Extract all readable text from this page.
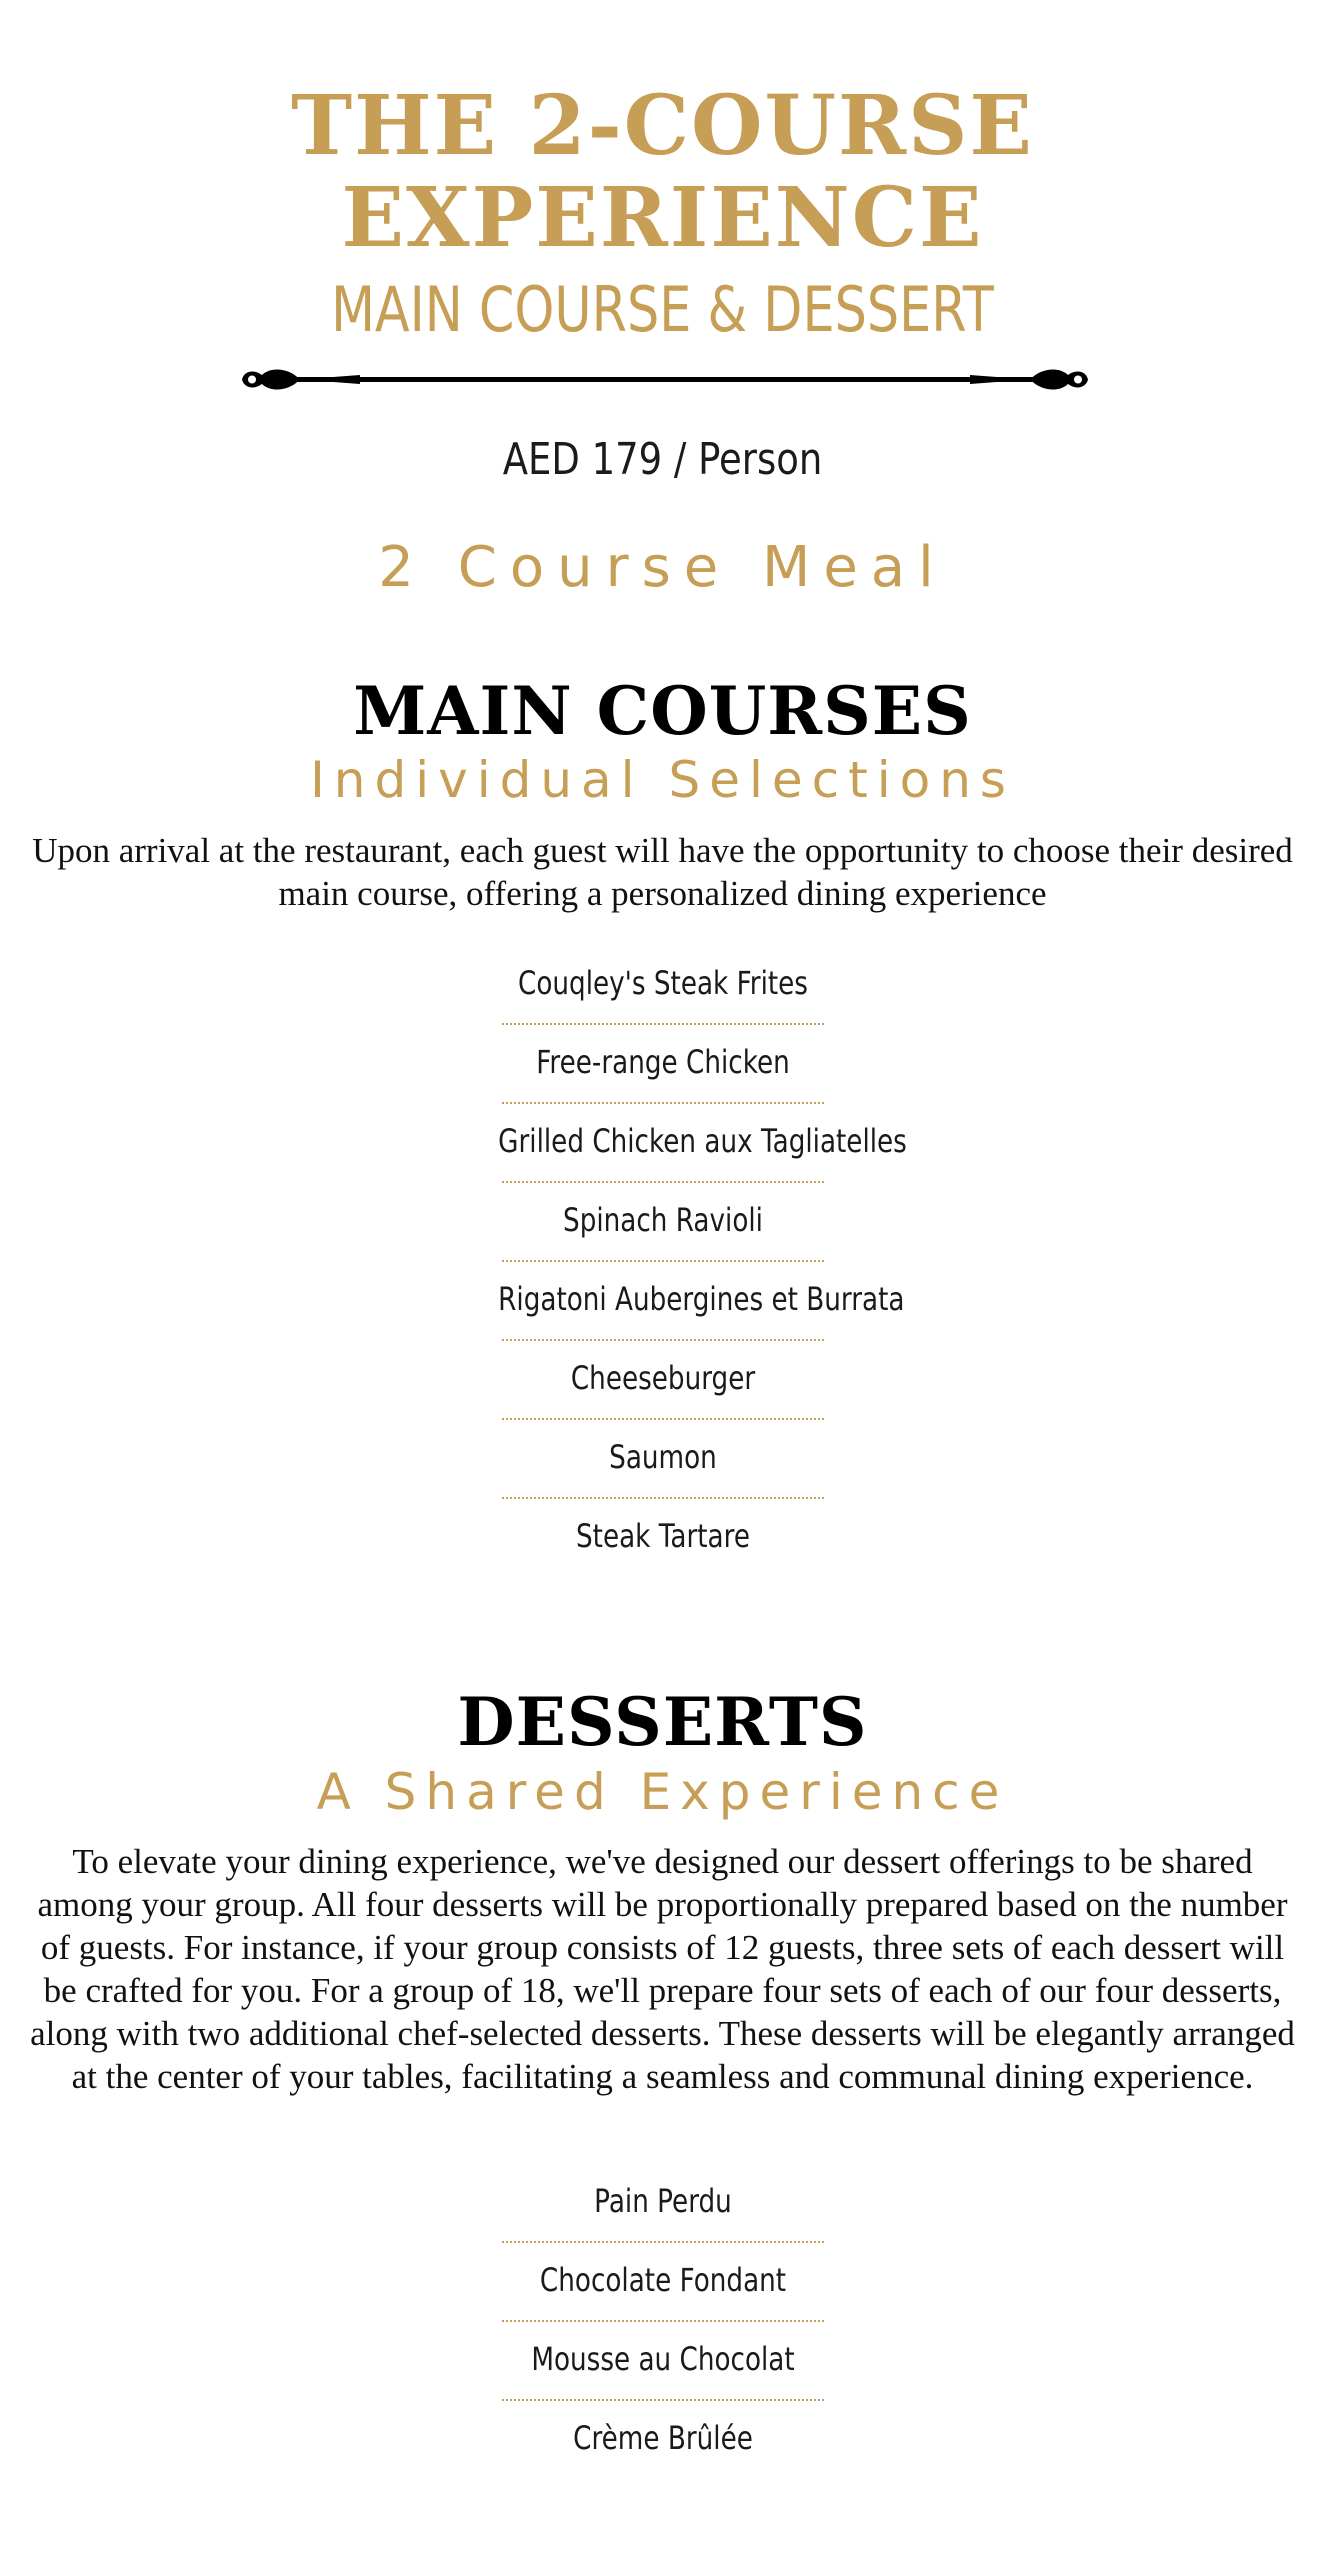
THE 2-COURSE
EXPERIENCE
MAIN COURSE & DESSERT
AED 179 / Person
2 Course Meal
MAIN COURSES
Individual Selections
Upon arrival at the restaurant, each guest will have the opportunity to choose their desired main course, offering a personalized dining experience
Couqley's Steak Frites
Free-range Chicken
Grilled Chicken aux Tagliatelles
Spinach Ravioli
Rigatoni Aubergines et Burrata
Cheeseburger
Saumon
Steak Tartare
DESSERTS
A Shared Experience
To elevate your dining experience, we've designed our dessert offerings to be shared among your group. All four desserts will be proportionally prepared based on the number of guests. For instance, if your group consists of 12 guests, three sets of each dessert will be crafted for you. For a group of 18, we'll prepare four sets of each of our four desserts, along with two additional chef-selected desserts. These desserts will be elegantly arranged at the center of your tables, facilitating a seamless and communal dining experience.
Pain Perdu
Chocolate Fondant
Mousse au Chocolat
Crème Brûlée
